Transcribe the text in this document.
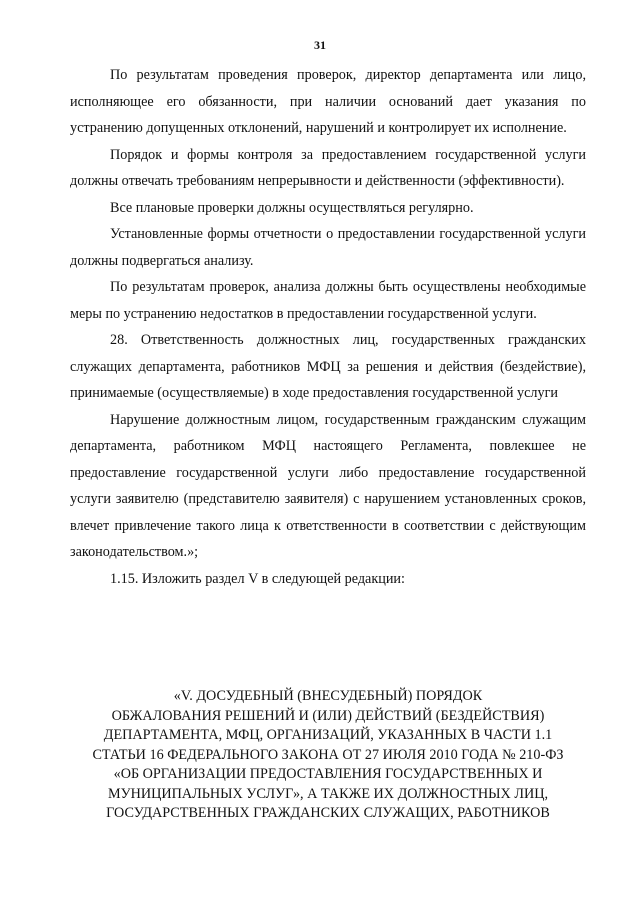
31

По результатам проведения проверок, директор департамента или лицо, исполняющее его обязанности, при наличии оснований дает указания по устранению допущенных отклонений, нарушений и контролирует их исполнение.

Порядок и формы контроля за предоставлением государственной услуги должны отвечать требованиям непрерывности и действенности (эффективности).

Все плановые проверки должны осуществляться регулярно.

Установленные формы отчетности о предоставлении государственной услуги должны подвергаться анализу.

По результатам проверок, анализа должны быть осуществлены необходимые меры по устранению недостатков в предоставлении государственной услуги.

28. Ответственность должностных лиц, государственных гражданских служащих департамента, работников МФЦ за решения и действия (бездействие), принимаемые (осуществляемые) в ходе предоставления государственной услуги

Нарушение должностным лицом, государственным гражданским служащим департамента, работником МФЦ настоящего Регламента, повлекшее не предоставление государственной услуги либо предоставление государственной услуги заявителю (представителю заявителя) с нарушением установленных сроков, влечет привлечение такого лица к ответственности в соответствии с действующим законодательством.»;

1.15. Изложить раздел V в следующей редакции:

«V. ДОСУДЕБНЫЙ (ВНЕСУДЕБНЫЙ) ПОРЯДОК
ОБЖАЛОВАНИЯ РЕШЕНИЙ И (ИЛИ) ДЕЙСТВИЙ (БЕЗДЕЙСТВИЯ)
ДЕПАРТАМЕНТА, МФЦ, ОРГАНИЗАЦИЙ, УКАЗАННЫХ В ЧАСТИ 1.1
СТАТЬИ 16 ФЕДЕРАЛЬНОГО ЗАКОНА ОТ 27 ИЮЛЯ 2010 ГОДА № 210-ФЗ
«ОБ ОРГАНИЗАЦИИ ПРЕДОСТАВЛЕНИЯ ГОСУДАРСТВЕННЫХ И
МУНИЦИПАЛЬНЫХ УСЛУГ», А ТАКЖЕ ИХ ДОЛЖНОСТНЫХ ЛИЦ,
ГОСУДАРСТВЕННЫХ ГРАЖДАНСКИХ СЛУЖАЩИХ, РАБОТНИКОВ
